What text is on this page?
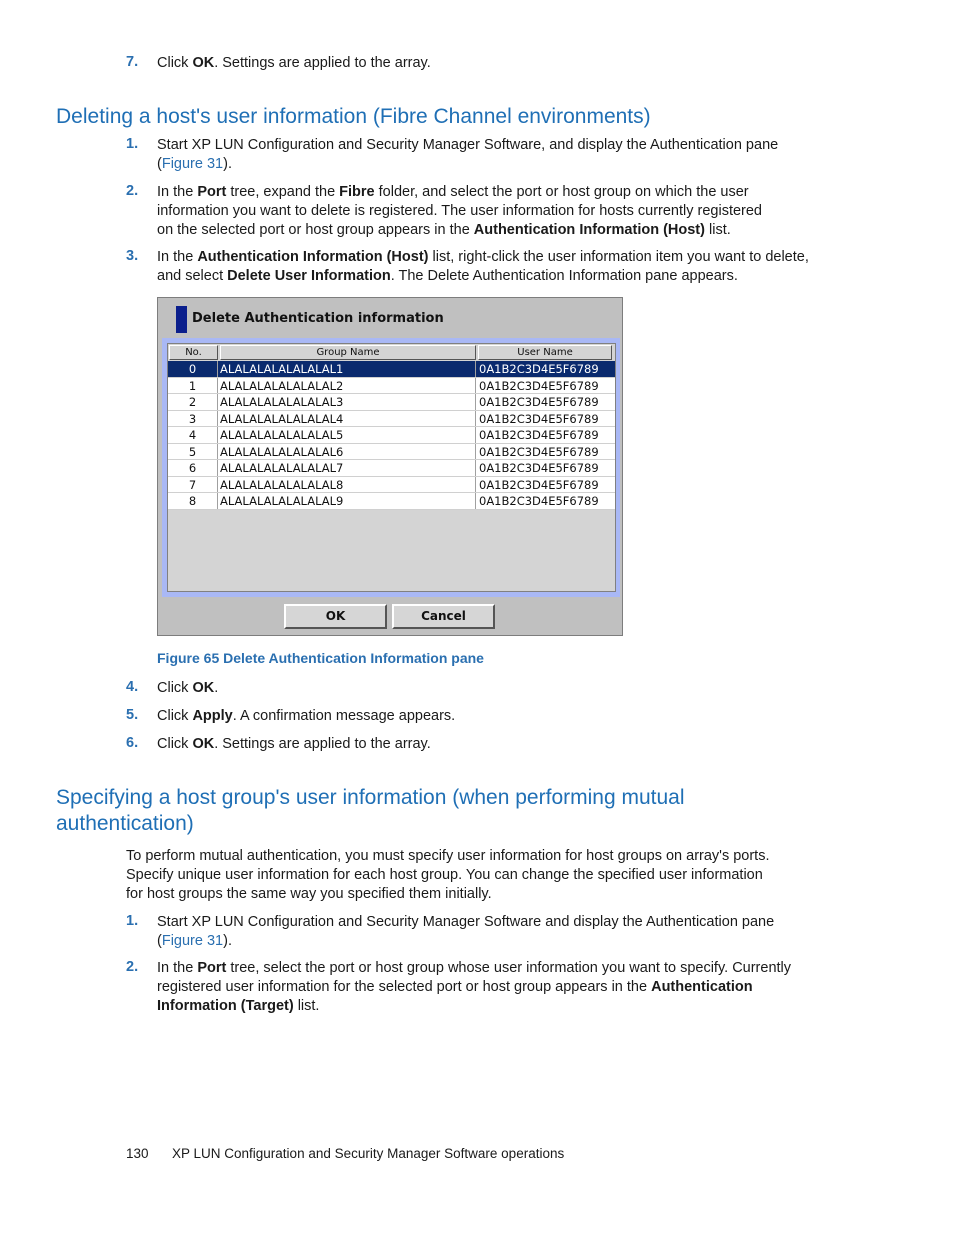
7. Click OK. Settings are applied to the array.
Deleting a host's user information (Fibre Channel environments)
1. Start XP LUN Configuration and Security Manager Software, and display the Authentication pane
(Figure 31).
2. In the Port tree, expand the Fibre folder, and select the port or host group on which the user
information you want to delete is registered. The user information for hosts currently registered
on the selected port or host group appears in the Authentication Information (Host) list.
3. In the Authentication Information (Host) list, right-click the user information item you want to delete,
and select Delete User Information. The Delete Authentication Information pane appears.
Delete Authentication information
No.	Group Name	User Name
0	ALALALALALALALAL1	0A1B2C3D4E5F6789
1	ALALALALALALALAL2	0A1B2C3D4E5F6789
2	ALALALALALALALAL3	0A1B2C3D4E5F6789
3	ALALALALALALALAL4	0A1B2C3D4E5F6789
4	ALALALALALALALAL5	0A1B2C3D4E5F6789
5	ALALALALALALALAL6	0A1B2C3D4E5F6789
6	ALALALALALALALAL7	0A1B2C3D4E5F6789
7	ALALALALALALALAL8	0A1B2C3D4E5F6789
8	ALALALALALALALAL9	0A1B2C3D4E5F6789
OK	Cancel
Figure 65 Delete Authentication Information pane
4. Click OK.
5. Click Apply. A confirmation message appears.
6. Click OK. Settings are applied to the array.
Specifying a host group's user information (when performing mutual
authentication)
To perform mutual authentication, you must specify user information for host groups on array's ports.
Specify unique user information for each host group. You can change the specified user information
for host groups the same way you specified them initially.
1. Start XP LUN Configuration and Security Manager Software and display the Authentication pane
(Figure 31).
2. In the Port tree, select the port or host group whose user information you want to specify. Currently
registered user information for the selected port or host group appears in the Authentication
Information (Target) list.
130 XP LUN Configuration and Security Manager Software operations
